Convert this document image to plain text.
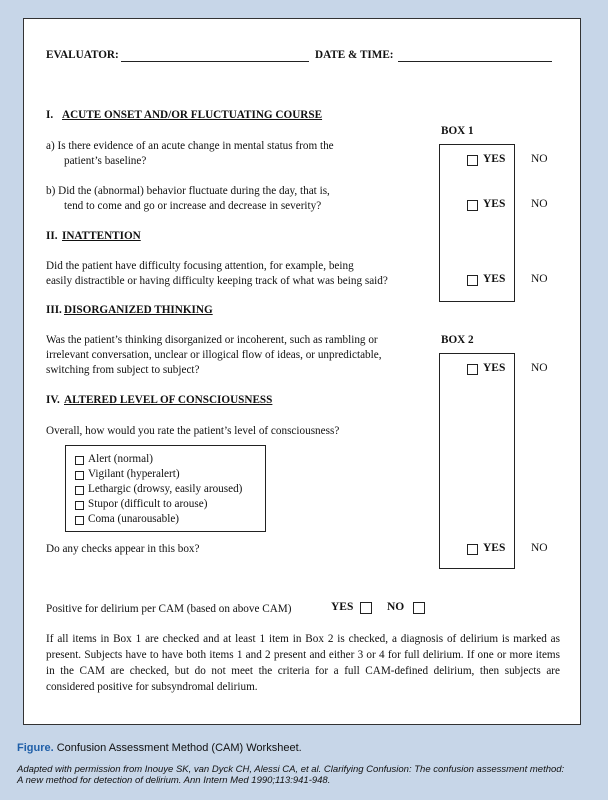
EVALUATOR:	DATE & TIME:
I. ACUTE ONSET AND/OR FLUCTUATING COURSE
BOX 1
a) Is there evidence of an acute change in mental status from the
patient’s baseline?
b) Did the (abnormal) behavior fluctuate during the day, that is,
tend to come and go or increase and decrease in severity?
YES NO
YES NO
II. INATTENTION
Did the patient have difficulty focusing attention, for example, being
easily distractible or having difficulty keeping track of what was being said?	YES NO
III. DISORGANIZED THINKING
BOX 2
Was the patient’s thinking disorganized or incoherent, such as rambling or
irrelevant conversation, unclear or illogical flow of ideas, or unpredictable,
switching from subject to subject?	YES NO
IV. ALTERED LEVEL OF CONSCIOUSNESS
Overall, how would you rate the patient’s level of consciousness?
Alert (normal)
Vigilant (hyperalert)
Lethargic (drowsy, easily aroused)
Stupor (difficult to arouse)
Coma (unarousable)
Do any checks appear in this box?	YES NO
Positive for delirium per CAM (based on above CAM)	YES	NO
If all items in Box 1 are checked and at least 1 item in Box 2 is checked, a diagnosis of delirium is marked as present. Subjects have to have both items 1 and 2 present and either 3 or 4 for full delirium. If one or more items in the CAM are checked, but do not meet the criteria for a full CAM-defined delirium, then subjects are considered positive for subsyndromal delirium.
Figure. Confusion Assessment Method (CAM) Worksheet.
Adapted with permission from Inouye SK, van Dyck CH, Alessi CA, et al. Clarifying Confusion: The confusion assessment method:
A new method for detection of delirium. Ann Intern Med 1990;113:941-948.
